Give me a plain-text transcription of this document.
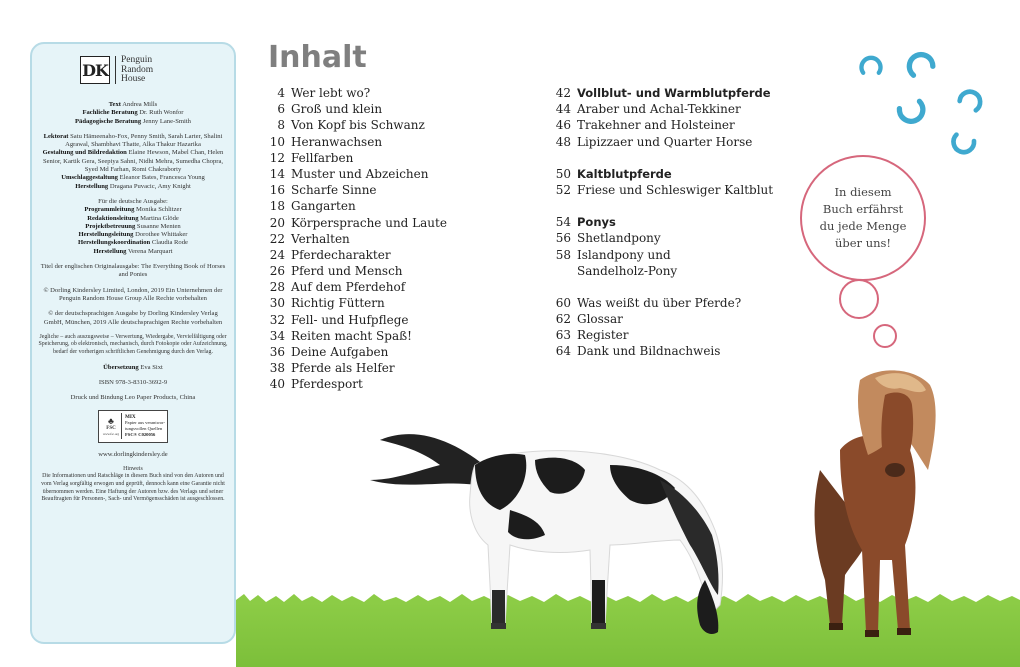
DK
Penguin
Random
House
Text Andrea Mills
Fachliche Beratung Dr. Ruth Wonfor
Pädagogische Beratung Jenny Lane-Smith
Lektorat Satu Hämeenaho-Fox, Penny Smith, Sarah Larter, Shalini Agrawal, Shambhavi Thatte, Alka Thakur Hazarika
Gestaltung und Bildredaktion Elaine Hewson, Mabel Chan, Helen Senior, Kartik Gera, Seepiya Sahni, Nidhi Mehra, Sumedha Chopra, Syed Md Farhan, Romi Chakraborty
Umschlaggestaltung Eleanor Bates, Francesca Young
Herstellung Dragana Puvacic, Amy Knight
Für die deutsche Ausgabe:
Programmleitung Monika Schlitzer
Redaktionsleitung Martina Glöde
Projektbetreuung Susanne Menten
Herstellungsleitung Dorothee Whittaker
Herstellungskoordination Claudia Rode
Herstellung Verena Marquart
Titel der englischen Originalausgabe: The Everything Book of Horses and Ponies
© Dorling Kindersley Limited, London, 2019 Ein Unternehmen der Penguin Random House Group Alle Rechte vorbehalten
© der deutschsprachigen Ausgabe by Dorling Kindersley Verlag GmbH, München, 2019 Alle deutschsprachigen Rechte vorbehalten
Jegliche – auch auszugsweise – Verwertung, Wiedergabe, Vervielfältigung oder Speicherung, ob elektronisch, mechanisch, durch Fotokopie oder Aufzeichnung, bedarf der vorherigen schriftlichen Genehmigung durch den Verlag.
Übersetzung Eva Sixt
ISBN 978-3-8310-3692-9
Druck und Bindung Leo Paper Products, China
♣
FSC
www.fsc.org
MIX
Papier aus verantwor-
tungsvollen Quellen
FSC® C020056
www.dorlingkindersley.de
Hinweis
Die Informationen und Ratschläge in diesem Buch sind von den Autoren und vom Verlag sorgfältig erwogen und geprüft, dennoch kann eine Garantie nicht übernommen werden. Eine Haftung der Autoren bzw. des Verlags und seiner Beauftragten für Personen-, Sach- und Vermögensschäden ist ausgeschlossen.
Inhalt
4 Wer lebt wo?
6 Groß und klein
8 Von Kopf bis Schwanz
10 Heranwachsen
12 Fellfarben
14 Muster und Abzeichen
16 Scharfe Sinne
18 Gangarten
20 Körpersprache und Laute
22 Verhalten
24 Pferdecharakter
26 Pferd und Mensch
28 Auf dem Pferdehof
30 Richtig Füttern
32 Fell- und Hufpflege
34 Reiten macht Spaß!
36 Deine Aufgaben
38 Pferde als Helfer
40 Pferdesport
42 Vollblut- und Warmblutpferde
44 Araber und Achal-Tekkiner
46 Trakehner and Holsteiner
48 Lipizzaer und Quarter Horse
50 Kaltblutpferde
52 Friese und Schleswiger Kaltblut
54 Ponys
56 Shetlandpony
58 Islandpony und
Sandelholz-Pony
60 Was weißt du über Pferde?
62 Glossar
63 Register
64 Dank und Bildnachweis
In diesem
Buch erfährst
du jede Menge
über uns!
